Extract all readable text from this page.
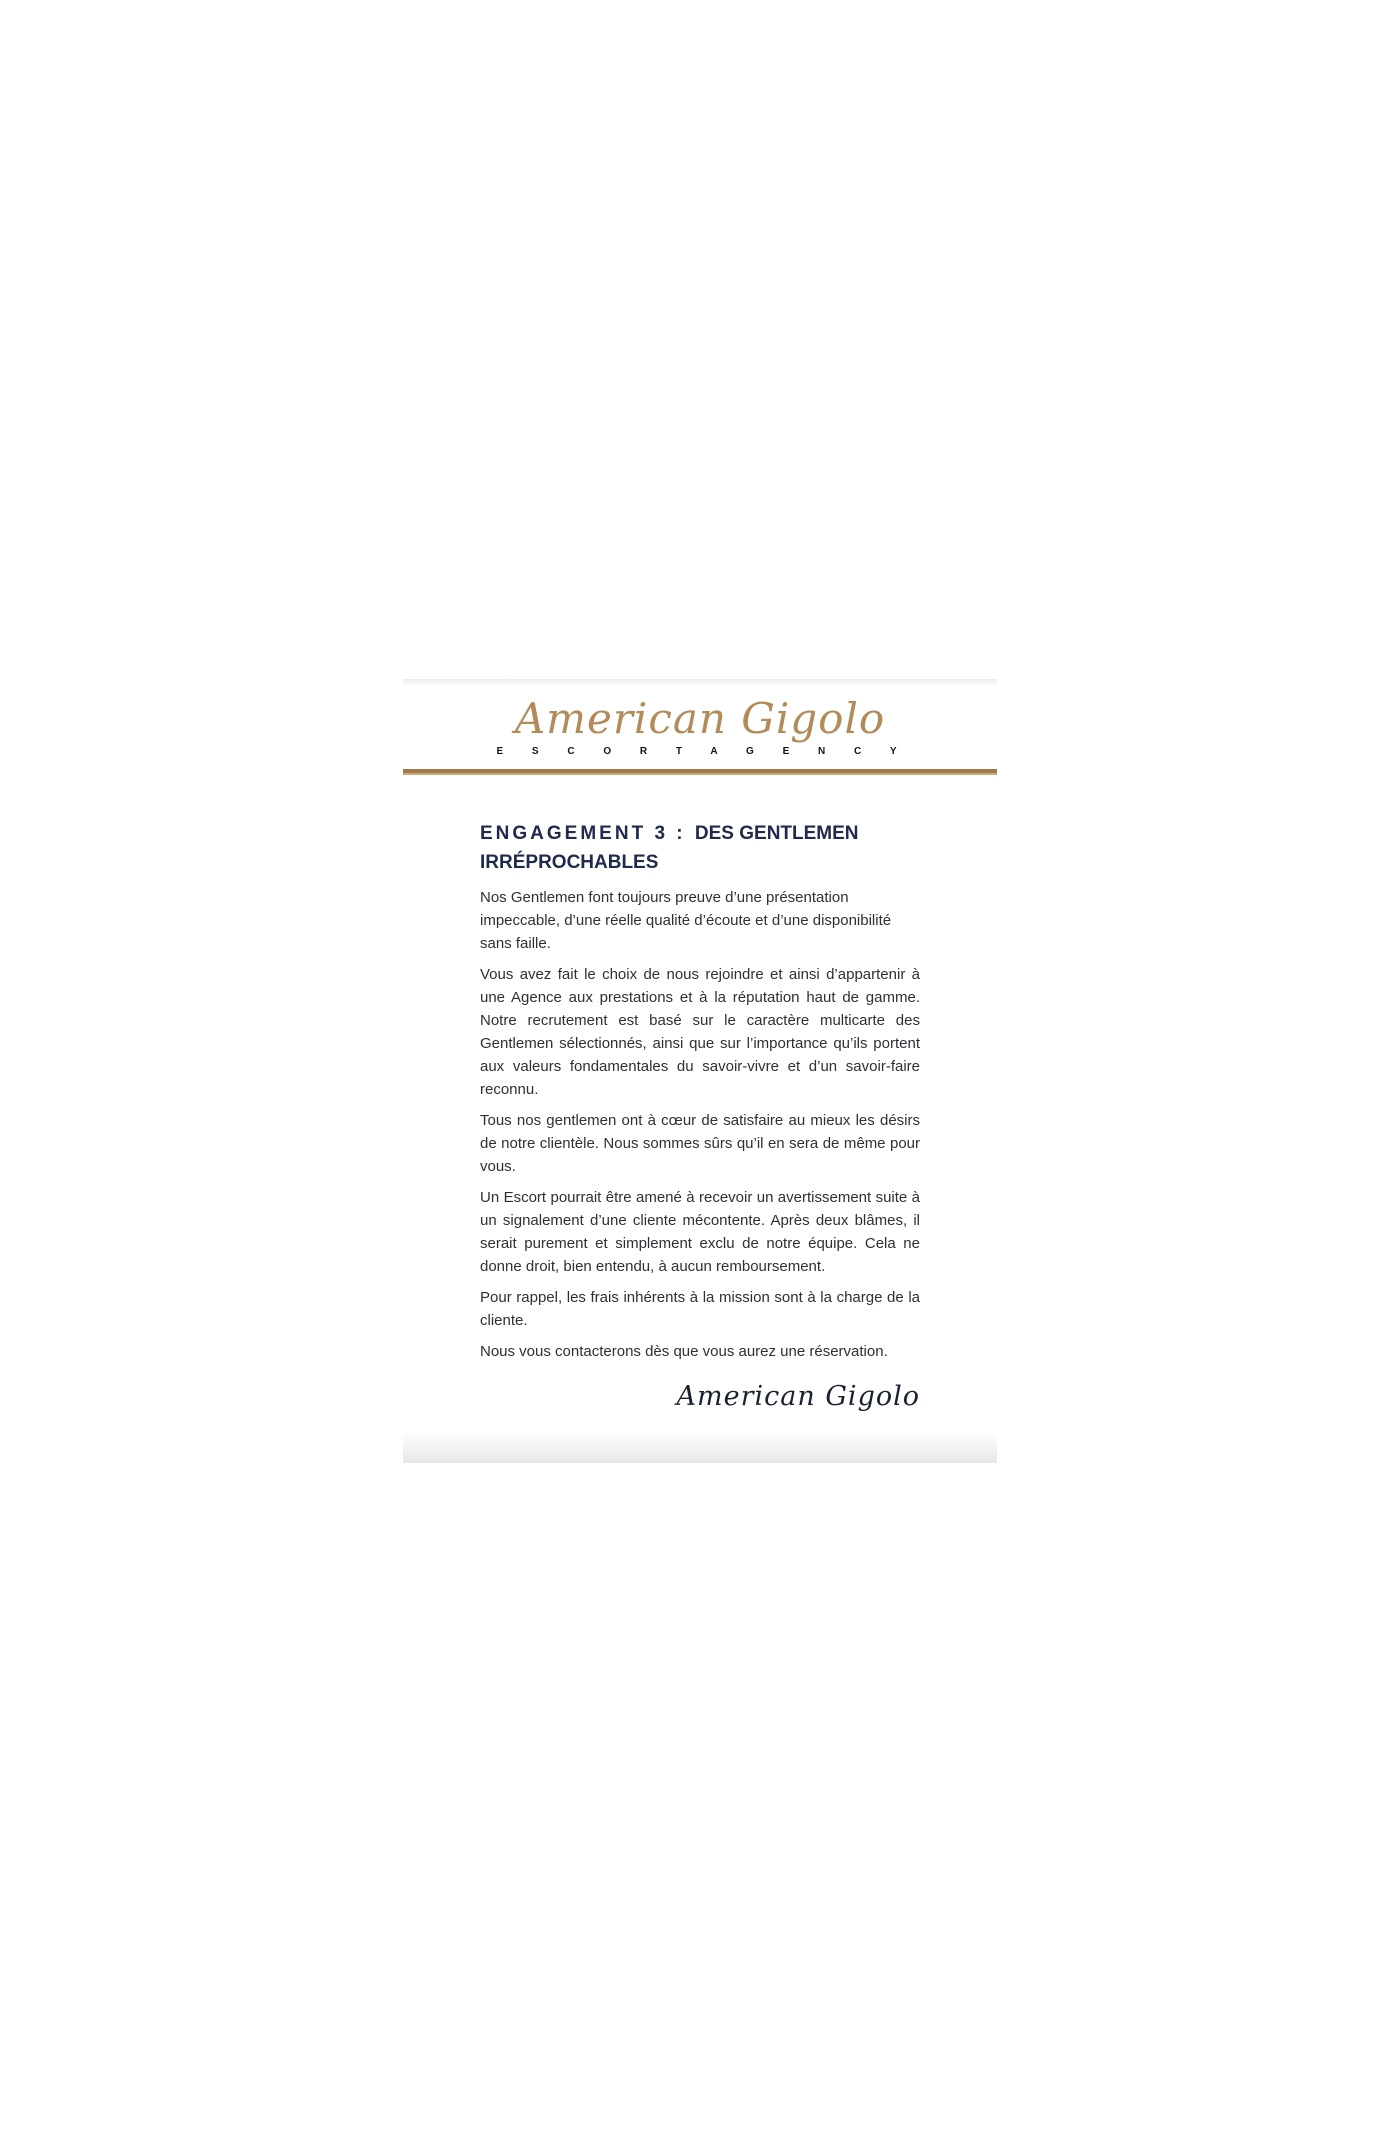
American Gigolo
E S C O R T A G E N C Y
ENGAGEMENT 3 : DES GENTLEMEN IRRÉPROCHABLES

Nos Gentlemen font toujours preuve d’une présentation impeccable, d’une réelle qualité d’écoute et d’une disponibilité sans faille.

Vous avez fait le choix de nous rejoindre et ainsi d’appartenir à une Agence aux prestations et à la réputation haut de gamme. Notre recrutement est basé sur le caractère multicarte des Gentlemen sélectionnés, ainsi que sur l’importance qu’ils portent aux valeurs fondamentales du savoir-vivre et d’un savoir-faire reconnu.

Tous nos gentlemen ont à cœur de satisfaire au mieux les désirs de notre clientèle. Nous sommes sûrs qu’il en sera de même pour vous.

Un Escort pourrait être amené à recevoir un avertissement suite à un signalement d’une cliente mécontente. Après deux blâmes, il serait purement et simplement exclu de notre équipe. Cela ne donne droit, bien entendu, à aucun remboursement.

Pour rappel, les frais inhérents à la mission sont à la charge de la cliente.

Nous vous contacterons dès que vous aurez une réservation.

American Gigolo
